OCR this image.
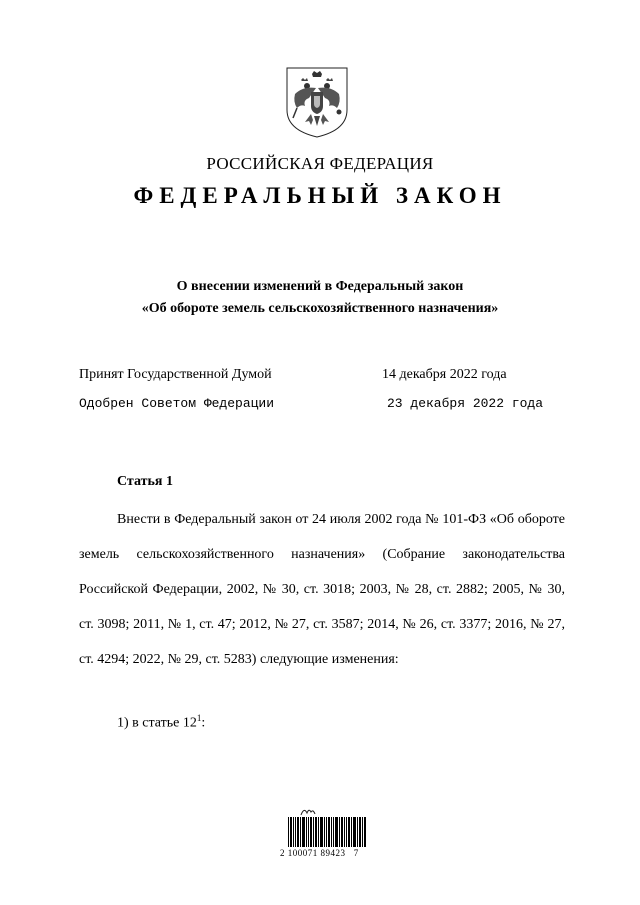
РОССИЙСКАЯ ФЕДЕРАЦИЯ
ФЕДЕРАЛЬНЫЙ ЗАКОН
О внесении изменений в Федеральный закон
«Об обороте земель сельскохозяйственного назначения»
Принят Государственной Думой	14 декабря 2022 года
Одобрен Советом Федерации	23 декабря 2022 года
Статья 1
Внести в Федеральный закон от 24 июля 2002 года № 101-ФЗ «Об обороте земель сельскохозяйственного назначения» (Собрание законодательства Российской Федерации, 2002, № 30, ст. 3018; 2003, № 28, ст. 2882; 2005, № 30, ст. 3098; 2011, № 1, ст. 47; 2012, № 27, ст. 3587; 2014, № 26, ст. 3377; 2016, № 27, ст. 4294; 2022, № 29, ст. 5283) следующие изменения:
1) в статье $12^1$:
2 100071 89423   7
